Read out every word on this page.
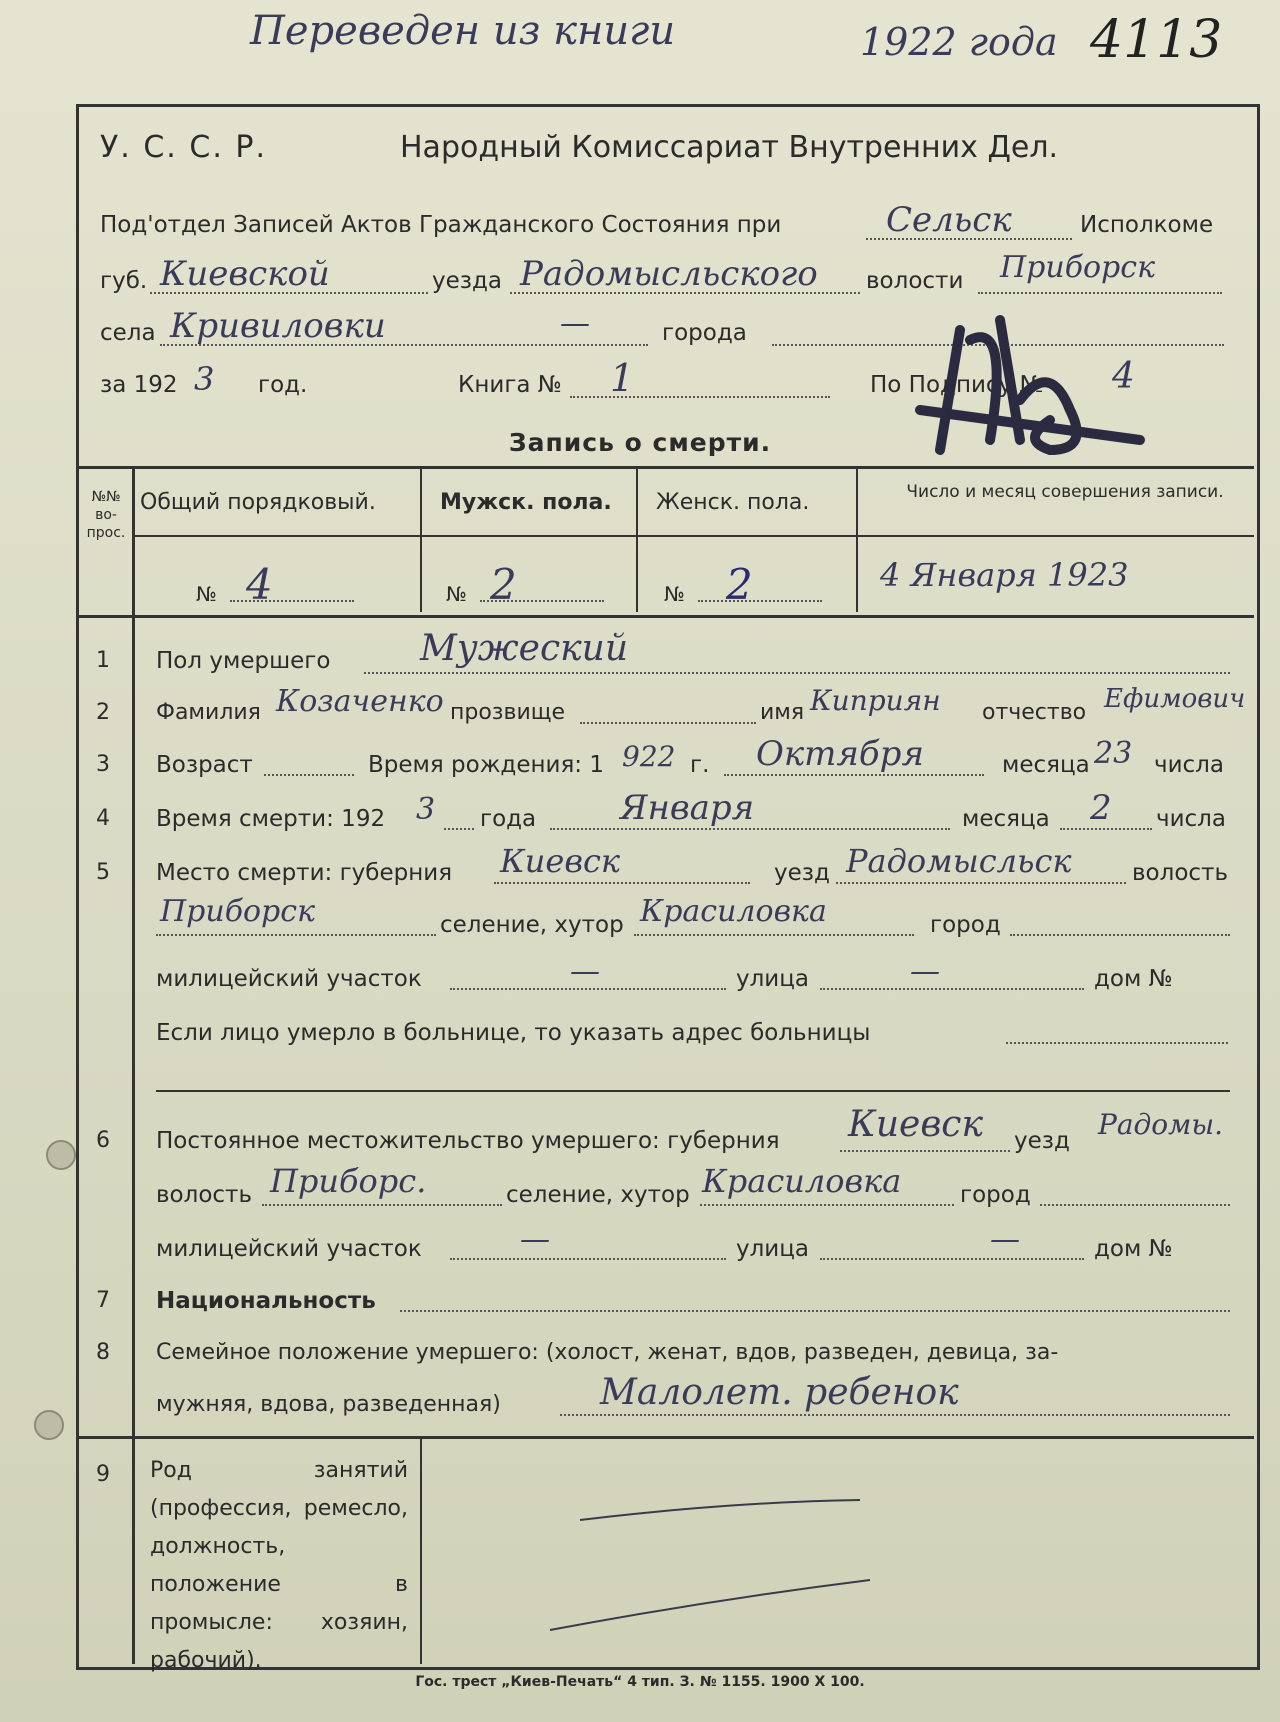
Переведен из книги	1922 года 4113
У. С. С. Р.	Народный Комиссариат Внутренних Дел.
Под'отдел Записей Актов Гражданского Состояния при	Сельск	Исполкоме
губ. Киевской	уезда Радомысльского волости Приборск
села Кривиловки	—	города
за 192 3 год.	Книга № 1	По Подпису № 4
Запись о смерти.
№№ во- прос.
Общий порядковый.	Мужск. пола. Женск. пола.	Число и месяц совершения записи.
№ 4	№ 2	№ 2	4 Января 1923
1 Пол умершего Мужеский
2 Фамилия Козаченко прозвище	имя Киприян отчество Ефимович
3 Возраст	Время рождения: 1 922 г. Октября	месяца 23 числа
4 Время смерти: 192 3 года Января	месяца 2 числа
5 Место смерти: губерния Киевск	уезд Радомысльск	волость
Приборск	селение, хутор Красиловка	город
милицейский участок	—	улица	—	дом №
Если лицо умерло в больнице, то указать адрес больницы
6 Постоянное местожительство умершего: губерния Киевск уезд Радомы.
волость Приборс.	селение, хутор Красиловка	город
милицейский участок	—	улица	—	дом №
7 Национальность
8 Семейное положение умершего: (холост, женат, вдов, разведен, девица, за-
мужняя, вдова, разведенная)	Малолет. ребенок
9 Род занятий (профессия, ремесло, должность, положение в промысле: хозяин, рабочий).
Гос. трест „Киев-Печать“ 4 тип. З. № 1155. 1900 Х 100.
